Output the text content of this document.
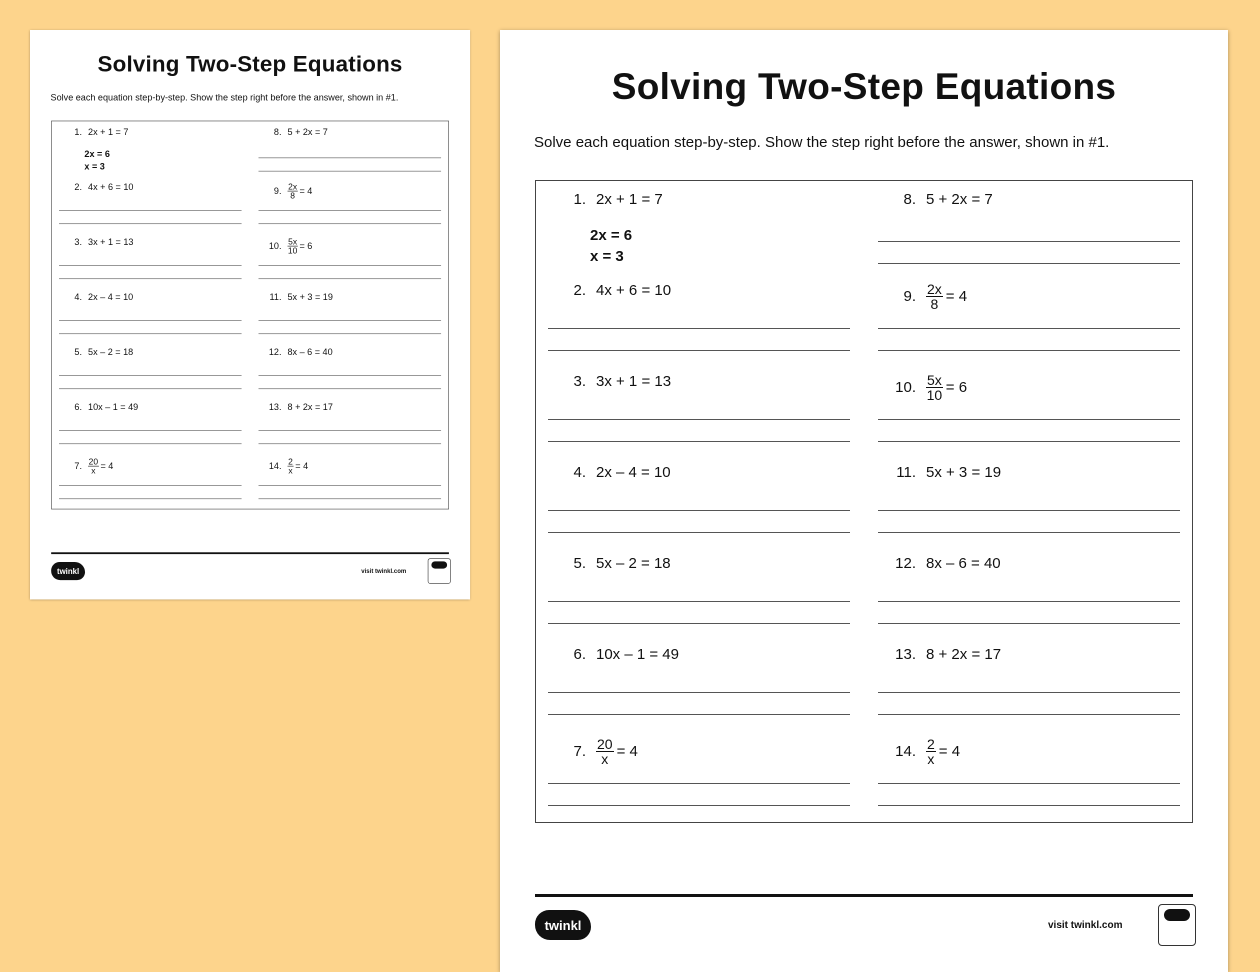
Solving Two-Step Equations
Solve each equation step-by-step. Show the step right before the answer, shown in #1.
1. 2x + 1 = 7
2x = 6
x = 3
2. 4x + 6 = 10
3. 3x + 1 = 13
4. 2x – 4 = 10
5. 5x – 2 = 18
6. 10x – 1 = 49
7. $\frac{20}{x} = 4$
8. 5 + 2x = 7
9. $\frac{2x}{8} = 4$
10. $\frac{5x}{10} = 6$
11. 5x + 3 = 19
12. 8x – 6 = 40
13. 8 + 2x = 17
14. $\frac{2}{x} = 4$
twinkl	visit twinkl.com
Solving Two-Step Equations
Solve each equation step-by-step. Show the step right before the answer, shown in #1.
1. 2x + 1 = 7
2x = 6
x = 3
2. 4x + 6 = 10
3. 3x + 1 = 13
4. 2x – 4 = 10
5. 5x – 2 = 18
6. 10x – 1 = 49
7. $\frac{20}{x} = 4$
8. 5 + 2x = 7
9. $\frac{2x}{8} = 4$
10. $\frac{5x}{10} = 6$
11. 5x + 3 = 19
12. 8x – 6 = 40
13. 8 + 2x = 17
14. $\frac{2}{x} = 4$
twinkl	visit twinkl.com
